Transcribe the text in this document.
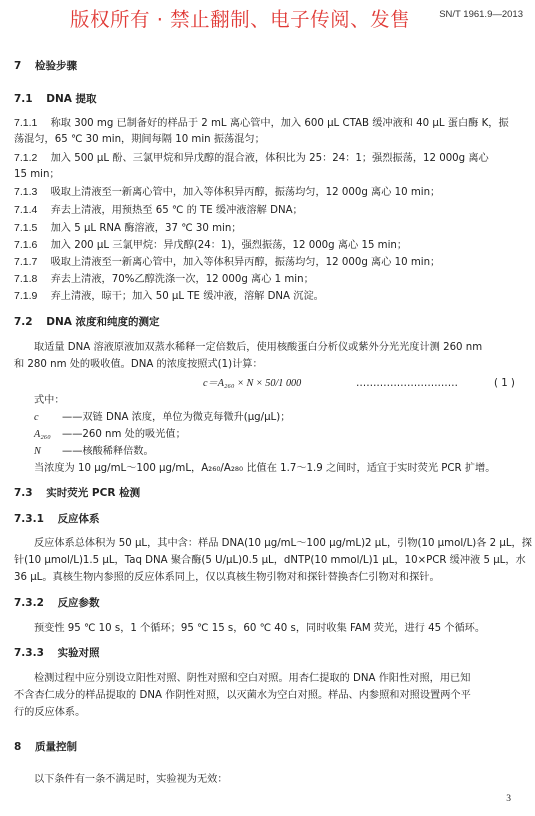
版权所有 · 禁止翻制、电子传阅、发售	SN/T 1961.9—2013
7 检验步骤
7.1 DNA 提取
7.1.1 称取 300 mg 已制备好的样品于 2 mL 离心管中，加入 600 μL CTAB 缓冲液和 40 μL 蛋白酶 K，振
荡混匀，65 ℃ 30 min，期间每隔 10 min 振荡混匀；
7.1.2 加入 500 μL 酚、三氯甲烷和异戊醇的混合液，体积比为 25：24：1；强烈振荡，12 000g 离心
15 min；
7.1.3 吸取上清液至一新离心管中，加入等体积异丙醇，振荡均匀，12 000g 离心 10 min；
7.1.4 弃去上清液，用预热至 65 ℃ 的 TE 缓冲液溶解 DNA；
7.1.5 加入 5 μL RNA 酶溶液，37 ℃ 30 min；
7.1.6 加入 200 μL 三氯甲烷：异戊醇(24：1)，强烈振荡，12 000g 离心 15 min；
7.1.7 吸取上清液至一新离心管中，加入等体积异丙醇，振荡均匀，12 000g 离心 10 min；
7.1.8 弃去上清液，70%乙醇洗涤一次，12 000g 离心 1 min；
7.1.9 弃上清液，晾干；加入 50 μL TE 缓冲液，溶解 DNA 沉淀。
7.2 DNA 浓度和纯度的测定
取适量 DNA 溶液原液加双蒸水稀释一定倍数后，使用核酸蛋白分析仪或紫外分光光度计测 260 nm
和 280 nm 处的吸收值。DNA 的浓度按照式(1)计算：
c＝A₂₆₀ × N × 50/1 000	…………………………	( 1 )
式中：
c ——双链 DNA 浓度，单位为微克每微升(μg/μL)；
A₂₆₀ ——260 nm 处的吸光值；
N ——核酸稀释倍数。
当浓度为 10 μg/mL～100 μg/mL，A₂₆₀/A₂₈₀ 比值在 1.7～1.9 之间时，适宜于实时荧光 PCR 扩增。
7.3 实时荧光 PCR 检测
7.3.1 反应体系
反应体系总体积为 50 μL，其中含：样品 DNA(10 μg/mL～100 μg/mL)2 μL，引物(10 μmol/L)各 2 μL，探
针(10 μmol/L)1.5 μL，Taq DNA 聚合酶(5 U/μL)0.5 μL，dNTP(10 mmol/L)1 μL，10×PCR 缓冲液 5 μL，水
36 μL。真核生物内参照的反应体系同上，仅以真核生物引物对和探针替换杏仁引物对和探针。
7.3.2 反应参数
预变性 95 ℃ 10 s，1 个循环；95 ℃ 15 s，60 ℃ 40 s，同时收集 FAM 荧光，进行 45 个循环。
7.3.3 实验对照
检测过程中应分别设立阳性对照、阴性对照和空白对照。用杏仁提取的 DNA 作阳性对照，用已知
不含杏仁成分的样品提取的 DNA 作阴性对照，以灭菌水为空白对照。样品、内参照和对照设置两个平
行的反应体系。
8 质量控制
以下条件有一条不满足时，实验视为无效：
3
